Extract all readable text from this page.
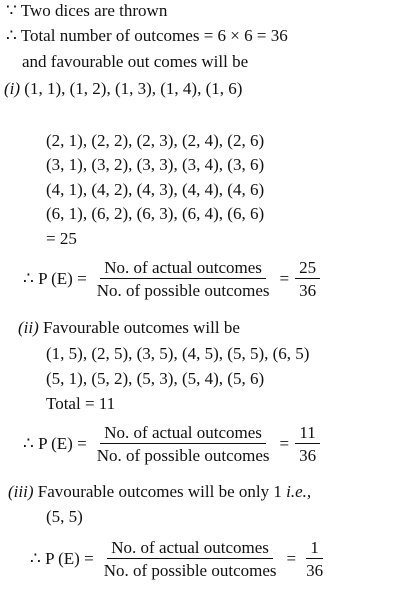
∵ Two dices are thrown
∴ Total number of outcomes = 6 × 6 = 36
and favourable out comes will be
(i) (1, 1), (1, 2), (1, 3), (1, 4), (1, 6)
(2, 1), (2, 2), (2, 3), (2, 4), (2, 6)
(3, 1), (3, 2), (3, 3), (3, 4), (3, 6)
(4, 1), (4, 2), (4, 3), (4, 4), (4, 6)
(6, 1), (6, 2), (6, 3), (6, 4), (6, 6)
= 25
∴ P $(E) = \frac{\text{No. of actual outcomes}}{\text{No. of possible outcomes}} = \frac{25}{36}$
(ii) Favourable outcomes will be
(1, 5), (2, 5), (3, 5), (4, 5), (5, 5), (6, 5)
(5, 1), (5, 2), (5, 3), (5, 4), (5, 6)
Total = 11
∴ P $(E) = \frac{\text{No. of actual outcomes}}{\text{No. of possible outcomes}} = \frac{11}{36}$
(iii) Favourable outcomes will be only 1 i.e.,
(5, 5)
∴ P $(E) = \frac{\text{No. of actual outcomes}}{\text{No. of possible outcomes}} = \frac{1}{36}$
